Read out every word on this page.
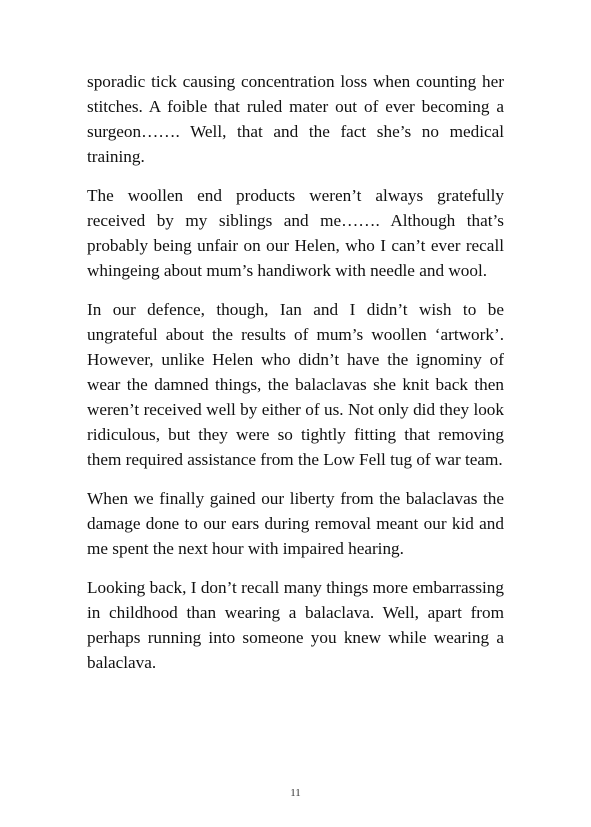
sporadic tick causing concentration loss when counting her stitches. A foible that ruled mater out of ever becoming a surgeon……. Well, that and the fact she’s no medical training.

The woollen end products weren’t always gratefully received by my siblings and me……. Although that’s probably being unfair on our Helen, who I can’t ever recall whingeing about mum’s handiwork with needle and wool.

In our defence, though, Ian and I didn’t wish to be ungrateful about the results of mum’s woollen ‘artwork’. However, unlike Helen who didn’t have the ignominy of wear the damned things, the balaclavas she knit back then weren’t received well by either of us. Not only did they look ridiculous, but they were so tightly fitting that removing them required assistance from the Low Fell tug of war team.

When we finally gained our liberty from the balaclavas the damage done to our ears during removal meant our kid and me spent the next hour with impaired hearing.

Looking back, I don’t recall many things more embarrassing in childhood than wearing a balaclava. Well, apart from perhaps running into someone you knew while wearing a balaclava.

11
